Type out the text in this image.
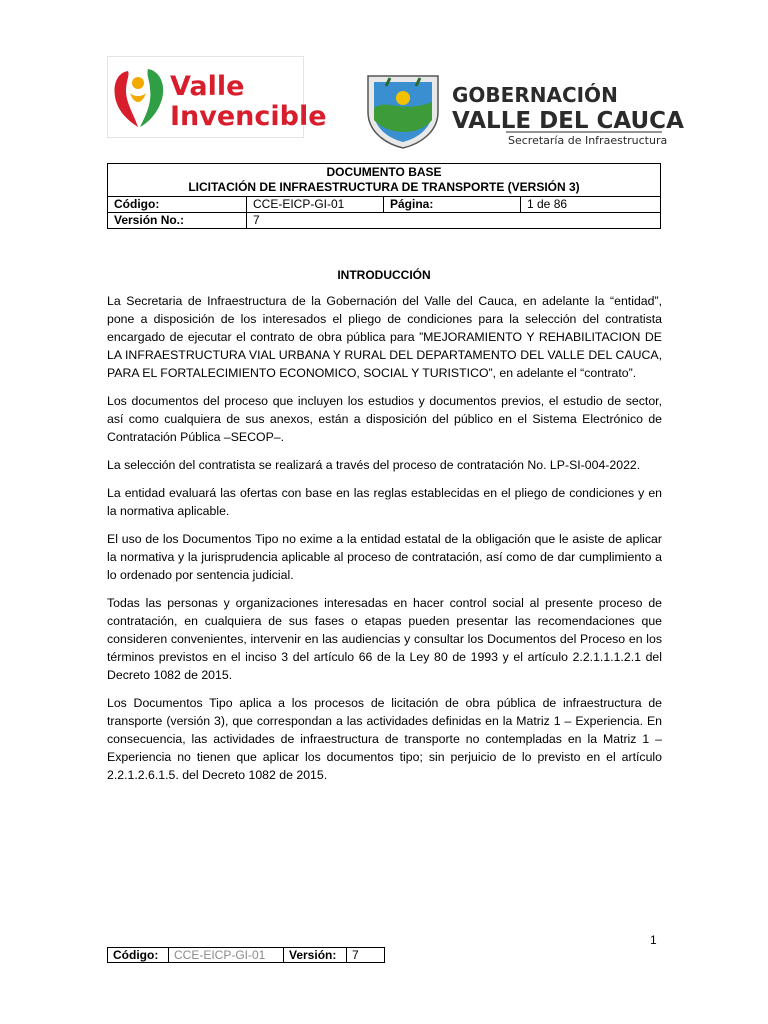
Valle
Invencible
GOBERNACIÓN
VALLE DEL CAUCA
Secretaría de Infraestructura
DOCUMENTO BASE
LICITACIÓN DE INFRAESTRUCTURA DE TRANSPORTE (VERSIÓN 3)			

Código:	CCE-EICP-GI-01	Página:	1 de 86
Versión No.:	7		
INTRODUCCIÓN

La Secretaria de Infraestructura de la Gobernación del Valle del Cauca, en adelante la “entidad”, pone a disposición de los interesados el pliego de condiciones para la selección del contratista encargado de ejecutar el contrato de obra pública para ”MEJORAMIENTO Y REHABILITACION DE LA INFRAESTRUCTURA VIAL URBANA Y RURAL DEL DEPARTAMENTO DEL VALLE DEL CAUCA, PARA EL FORTALECIMIENTO ECONOMICO, SOCIAL Y TURISTICO”, en adelante el “contrato”.

Los documentos del proceso que incluyen los estudios y documentos previos, el estudio de sector, así como cualquiera de sus anexos, están a disposición del público en el Sistema Electrónico de Contratación Pública –SECOP–.

La selección del contratista se realizará a través del proceso de contratación No. LP-SI-004-2022.

La entidad evaluará las ofertas con base en las reglas establecidas en el pliego de condiciones y en la normativa aplicable.

El uso de los Documentos Tipo no exime a la entidad estatal de la obligación que le asiste de aplicar la normativa y la jurisprudencia aplicable al proceso de contratación, así como de dar cumplimiento a lo ordenado por sentencia judicial.

Todas las personas y organizaciones interesadas en hacer control social al presente proceso de contratación, en cualquiera de sus fases o etapas pueden presentar las recomendaciones que consideren convenientes, intervenir en las audiencias y consultar los Documentos del Proceso en los términos previstos en el inciso 3 del artículo 66 de la Ley 80 de 1993 y el artículo 2.2.1.1.1.2.1 del Decreto 1082 de 2015.

Los Documentos Tipo aplica a los procesos de licitación de obra pública de infraestructura de transporte (versión 3), que correspondan a las actividades definidas en la Matriz 1 – Experiencia. En consecuencia, las actividades de infraestructura de transporte no contempladas en la Matriz 1 – Experiencia no tienen que aplicar los documentos tipo; sin perjuicio de lo previsto en el artículo 2.2.1.2.6.1.5. del Decreto 1082 de 2015.

1
Código:	CCE-EICP-GI-01	Versión:	7
